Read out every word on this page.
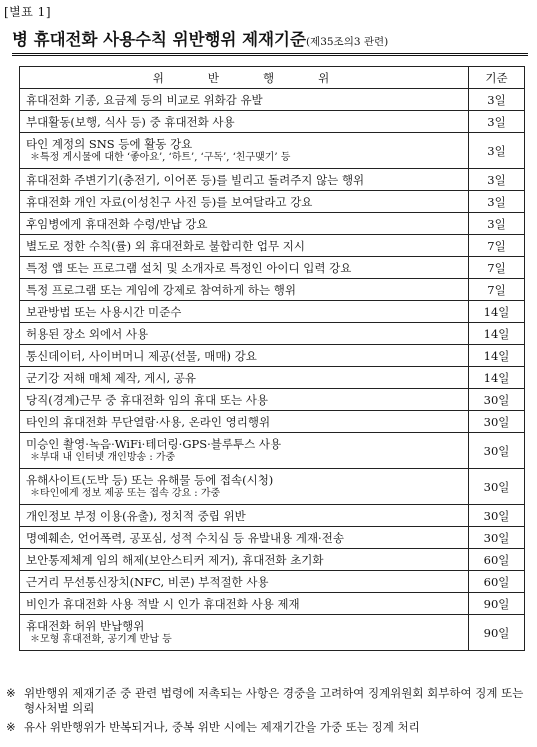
[별표 1]
병 휴대전화 사용수칙 위반행위 제재기준(제35조의3 관련)
위반행위	기준
휴대전화 기종, 요금제 등의 비교로 위화감 유발	3일
부대활동(보행, 식사 등) 중 휴대전화 사용	3일
타인 계정의 SNS 등에 활동 강요
＊특정 게시물에 대한 ‘좋아요’, ‘하트’, ‘구독’, ‘친구맺기’ 등	3일
휴대전화 주변기기(충전기, 이어폰 등)를 빌리고 돌려주지 않는 행위	3일
휴대전화 개인 자료(이성친구 사진 등)를 보여달라고 강요	3일
후임병에게 휴대전화 수령/반납 강요	3일
별도로 정한 수칙(률) 외 휴대전화로 불합리한 업무 지시	7일
특정 앱 또는 프로그램 설치 및 소개자로 특정인 아이디 입력 강요	7일
특정 프로그램 또는 게임에 강제로 참여하게 하는 행위	7일
보관방법 또는 사용시간 미준수	14일
허용된 장소 외에서 사용	14일
통신데이터, 사이버머니 제공(선물, 매매) 강요	14일
군기강 저해 매체 제작, 게시, 공유	14일
당직(경계)근무 중 휴대전화 임의 휴대 또는 사용	30일
타인의 휴대전화 무단열람·사용, 온라인 영리행위	30일
미승인 촬영·녹음·WiFi·테더링·GPS·블루투스 사용
＊부대 내 인터넷 개인방송 : 가중	30일
유해사이트(도박 등) 또는 유해물 등에 접속(시청)
＊타인에게 정보 제공 또는 접속 강요 : 가중	30일
개인정보 부정 이용(유출), 정치적 중립 위반	30일
명예훼손, 언어폭력, 공포심, 성적 수치심 등 유발내용 게재·전송	30일
보안통제체계 임의 해제(보안스티커 제거), 휴대전화 초기화	60일
근거리 무선통신장치(NFC, 비콘) 부적절한 사용	60일
비인가 휴대전화 사용 적발 시 인가 휴대전화 사용 제재	90일
휴대전화 허위 반납행위
＊모형 휴대전화, 공기계 반납 등	90일
※ 위반행위 제재기준 중 관련 법령에 저촉되는 사항은 경중을 고려하여 징계위원회 회부하여 징계 또는 형사처벌 의뢰
※ 유사 위반행위가 반복되거나, 중복 위반 시에는 제재기간을 가중 또는 징계 처리
